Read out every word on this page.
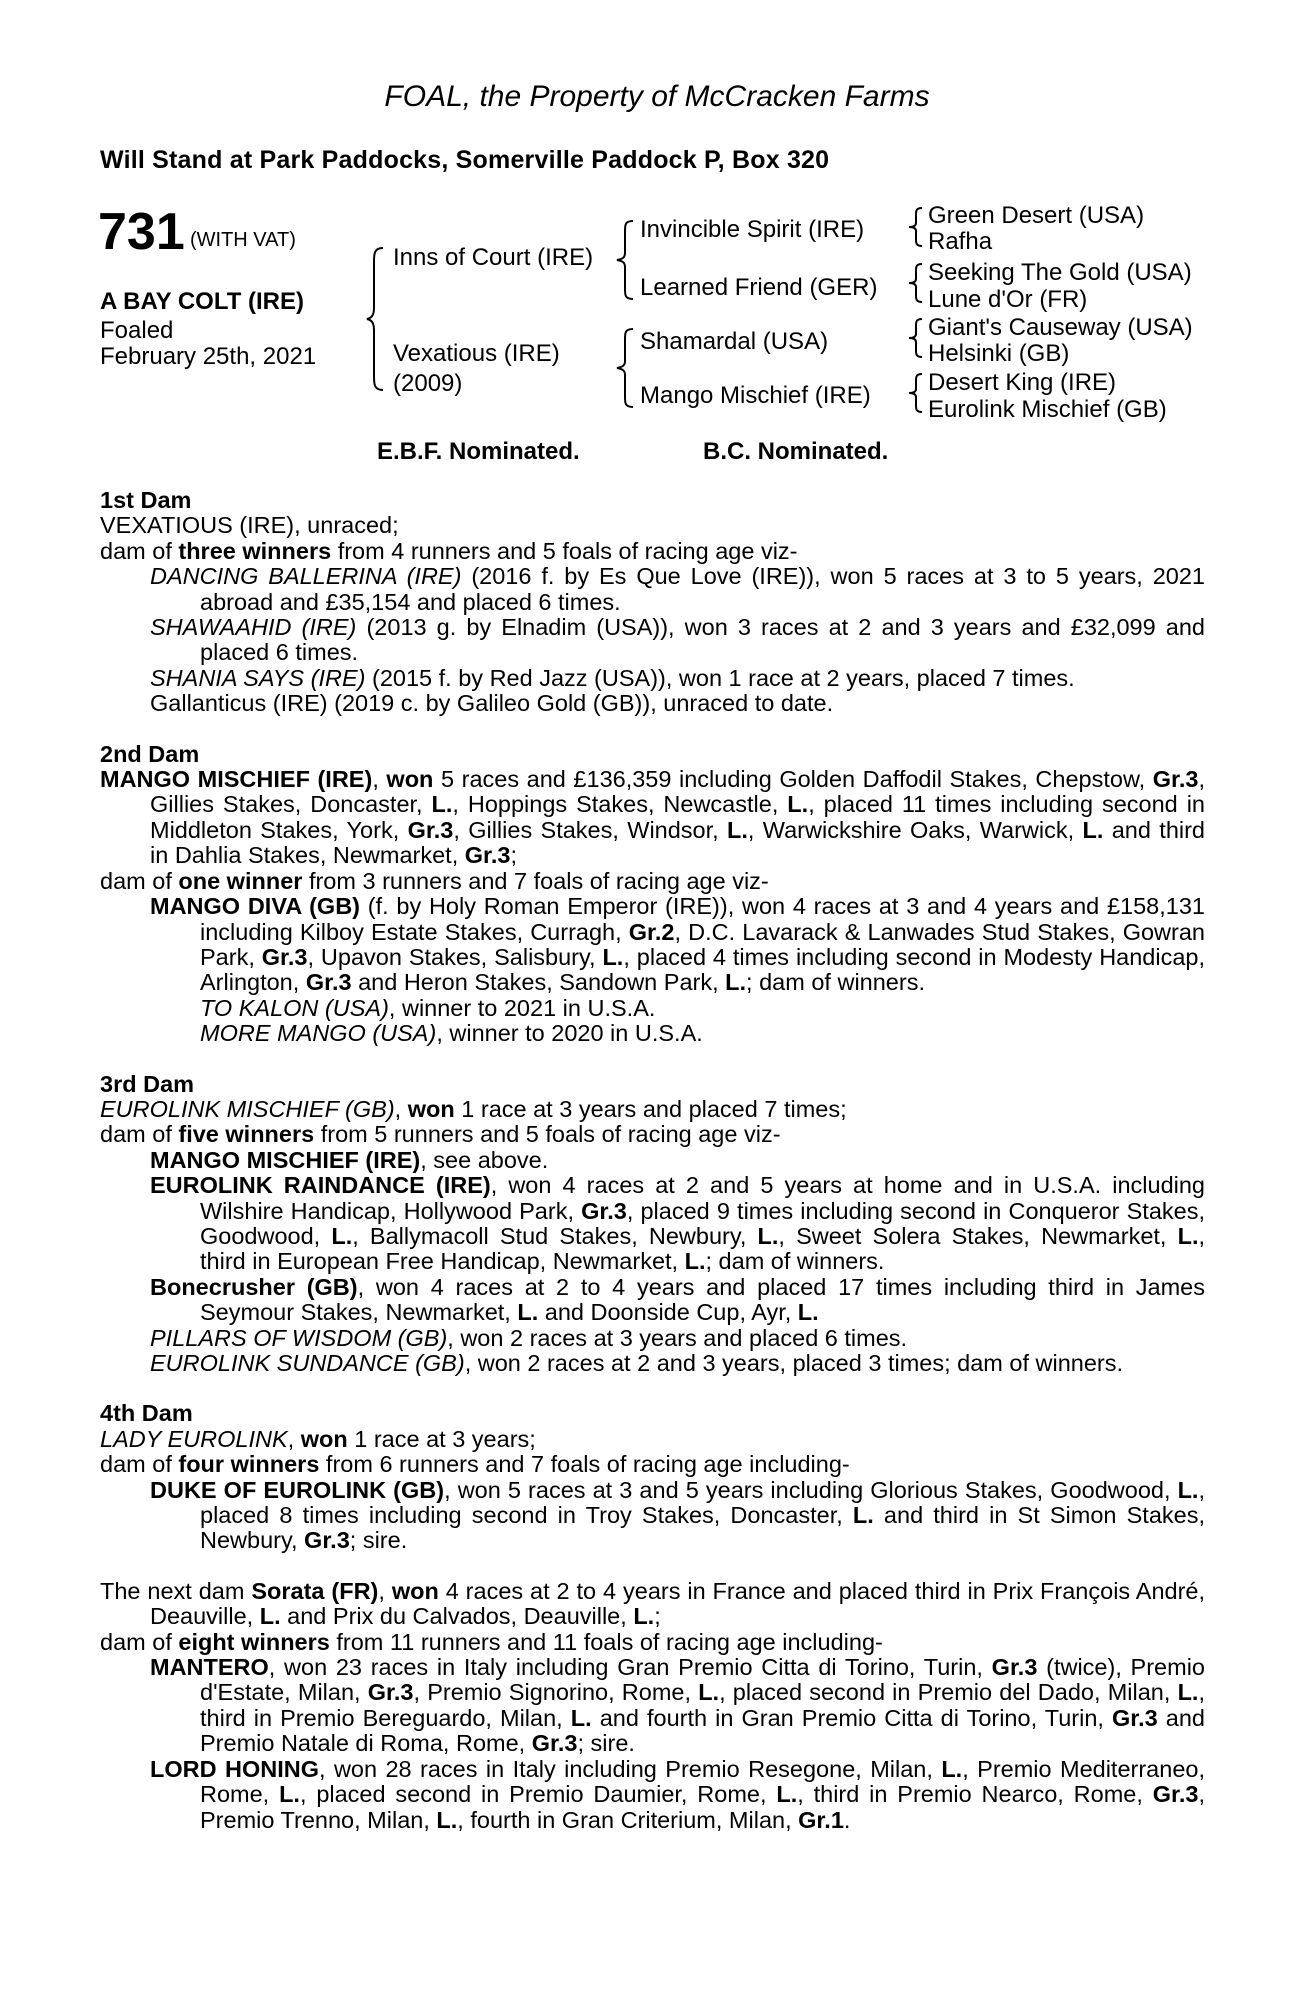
FOAL, the Property of McCracken Farms
Will Stand at Park Paddocks, Somerville Paddock P, Box 320
731 (WITH VAT)
A BAY COLT (IRE)
Foaled
February 25th, 2021
Inns of Court (IRE)
Vexatious (IRE)
(2009)
Invincible Spirit (IRE)
Learned Friend (GER)
Shamardal (USA)
Mango Mischief (IRE)
Green Desert (USA)
Rafha
Seeking The Gold (USA)
Lune d'Or (FR)
Giant's Causeway (USA)
Helsinki (GB)
Desert King (IRE)
Eurolink Mischief (GB)
E.B.F. Nominated.	B.C. Nominated.
1st Dam
VEXATIOUS (IRE), unraced;
dam of three winners from 4 runners and 5 foals of racing age viz-
DANCING BALLERINA (IRE) (2016 f. by Es Que Love (IRE)), won 5 races at 3 to 5 years, 2021 abroad and £35,154 and placed 6 times.
SHAWAAHID (IRE) (2013 g. by Elnadim (USA)), won 3 races at 2 and 3 years and £32,099 and placed 6 times.
SHANIA SAYS (IRE) (2015 f. by Red Jazz (USA)), won 1 race at 2 years, placed 7 times.
Gallanticus (IRE) (2019 c. by Galileo Gold (GB)), unraced to date.
2nd Dam
MANGO MISCHIEF (IRE), won 5 races and £136,359 including Golden Daffodil Stakes, Chepstow, Gr.3, Gillies Stakes, Doncaster, L., Hoppings Stakes, Newcastle, L., placed 11 times including second in Middleton Stakes, York, Gr.3, Gillies Stakes, Windsor, L., Warwickshire Oaks, Warwick, L. and third in Dahlia Stakes, Newmarket, Gr.3;
dam of one winner from 3 runners and 7 foals of racing age viz-
MANGO DIVA (GB) (f. by Holy Roman Emperor (IRE)), won 4 races at 3 and 4 years and £158,131 including Kilboy Estate Stakes, Curragh, Gr.2, D.C. Lavarack & Lanwades Stud Stakes, Gowran Park, Gr.3, Upavon Stakes, Salisbury, L., placed 4 times including second in Modesty Handicap, Arlington, Gr.3 and Heron Stakes, Sandown Park, L.; dam of winners.
TO KALON (USA), winner to 2021 in U.S.A.
MORE MANGO (USA), winner to 2020 in U.S.A.
3rd Dam
EUROLINK MISCHIEF (GB), won 1 race at 3 years and placed 7 times;
dam of five winners from 5 runners and 5 foals of racing age viz-
MANGO MISCHIEF (IRE), see above.
EUROLINK RAINDANCE (IRE), won 4 races at 2 and 5 years at home and in U.S.A. including Wilshire Handicap, Hollywood Park, Gr.3, placed 9 times including second in Conqueror Stakes, Goodwood, L., Ballymacoll Stud Stakes, Newbury, L., Sweet Solera Stakes, Newmarket, L., third in European Free Handicap, Newmarket, L.; dam of winners.
Bonecrusher (GB), won 4 races at 2 to 4 years and placed 17 times including third in James Seymour Stakes, Newmarket, L. and Doonside Cup, Ayr, L.
PILLARS OF WISDOM (GB), won 2 races at 3 years and placed 6 times.
EUROLINK SUNDANCE (GB), won 2 races at 2 and 3 years, placed 3 times; dam of winners.
4th Dam
LADY EUROLINK, won 1 race at 3 years;
dam of four winners from 6 runners and 7 foals of racing age including-
DUKE OF EUROLINK (GB), won 5 races at 3 and 5 years including Glorious Stakes, Goodwood, L., placed 8 times including second in Troy Stakes, Doncaster, L. and third in St Simon Stakes, Newbury, Gr.3; sire.
The next dam Sorata (FR), won 4 races at 2 to 4 years in France and placed third in Prix François André, Deauville, L. and Prix du Calvados, Deauville, L.;
dam of eight winners from 11 runners and 11 foals of racing age including-
MANTERO, won 23 races in Italy including Gran Premio Citta di Torino, Turin, Gr.3 (twice), Premio d'Estate, Milan, Gr.3, Premio Signorino, Rome, L., placed second in Premio del Dado, Milan, L., third in Premio Bereguardo, Milan, L. and fourth in Gran Premio Citta di Torino, Turin, Gr.3 and Premio Natale di Roma, Rome, Gr.3; sire.
LORD HONING, won 28 races in Italy including Premio Resegone, Milan, L., Premio Mediterraneo, Rome, L., placed second in Premio Daumier, Rome, L., third in Premio Nearco, Rome, Gr.3, Premio Trenno, Milan, L., fourth in Gran Criterium, Milan, Gr.1.
